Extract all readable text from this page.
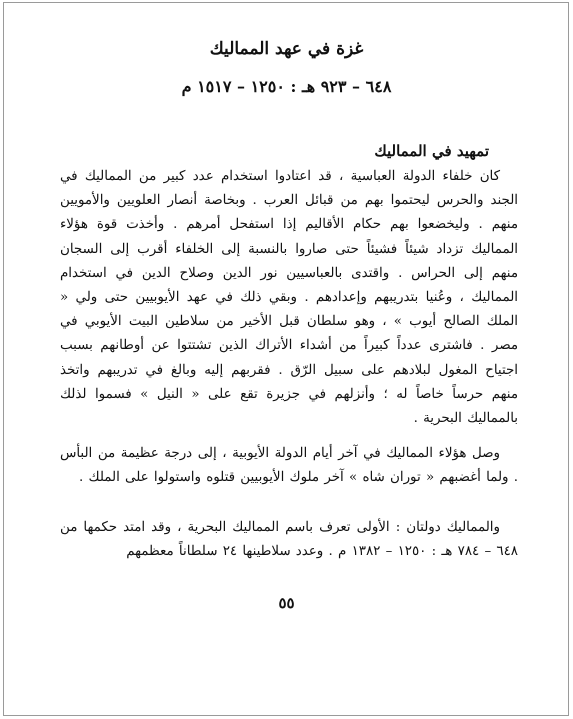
غزة في عهد المماليك
٦٤٨ – ٩٢٣ هـ : ١٢٥٠ – ١٥١٧ م
تمهيد في المماليك

كان خلفاء الدولة العباسية ، قد اعتادوا استخدام عدد كبير من المماليك في الجند والحرس ليحتموا بهم من قبائل العرب . وبخاصة أنصار العلويين والأمويين منهم . وليخضعوا بهم حكام الأقاليم إذا استفحل أمرهم . وأخذت قوة هؤلاء المماليك تزداد شيئاً فشيئاً حتى صاروا بالنسبة إلى الخلفاء أقرب إلى السجان منهم إلى الحراس . واقتدى بالعباسيين نور الدين وصلاح الدين في استخدام المماليك ، وعُنيا بتدريبهم وإعدادهم . وبقي ذلك في عهد الأيوبيين حتى ولي « الملك الصالح أيوب » ، وهو سلطان قبل الأخير من سلاطين البيت الأيوبي في مصر . فاشترى عدداً كبيراً من أشداء الأتراك الذين تشتتوا عن أوطانهم بسبب اجتياح المغول لبلادهم على سبيل الرّق . فقربهم إليه وبالغ في تدريبهم واتخذ منهم حرساً خاصاً له ؛ وأنزلهم في جزيرة تقع على « النيل » فسموا لذلك بالمماليك البحرية .

وصل هؤلاء المماليك في آخر أيام الدولة الأيوبية ، إلى درجة عظيمة من البأس . ولما أغضبهم « توران شاه » آخر ملوك الأيوبيين قتلوه واستولوا على الملك .

والمماليك دولتان : الأولى تعرف باسم المماليك البحرية ، وقد امتد حكمها من ٦٤٨ – ٧٨٤ هـ : ١٢٥٠ – ١٣٨٢ م . وعدد سلاطينها ٢٤ سلطاناً معظمهم

٥٥
